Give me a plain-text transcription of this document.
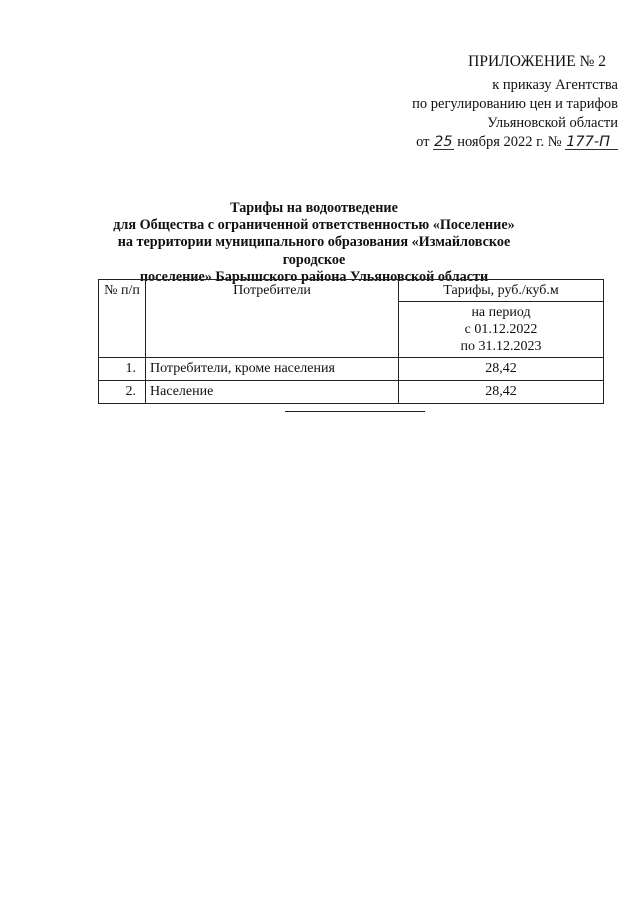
ПРИЛОЖЕНИЕ № 2
к приказу Агентства
по регулированию цен и тарифов
Ульяновской области
от 25 ноября 2022 г. № 177-П
Тарифы на водоотведение
для Общества с ограниченной ответственностью «Поселение»
на территории муниципального образования «Измайловское городское
поселение» Барышского района Ульяновской области
№ п/п	Потребители	Тарифы, руб./куб.м

		на период
с 01.12.2022
по 31.12.2023

1.	Потребители, кроме населения	28,42
2.	Население	28,42
